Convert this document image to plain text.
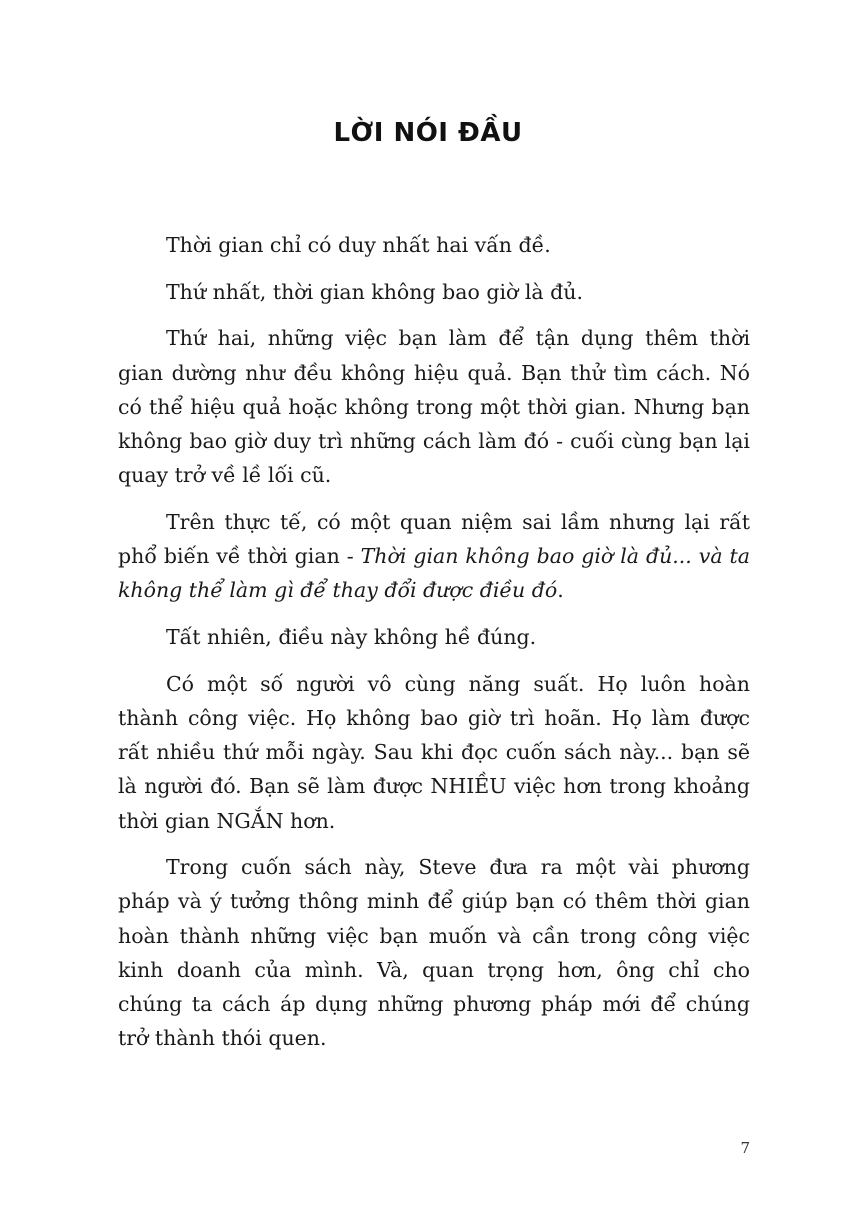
LỜI NÓI ĐẦU

Thời gian chỉ có duy nhất hai vấn đề.

Thứ nhất, thời gian không bao giờ là đủ.

Thứ hai, những việc bạn làm để tận dụng thêm thời gian dường như đều không hiệu quả. Bạn thử tìm cách. Nó có thể hiệu quả hoặc không trong một thời gian. Nhưng bạn không bao giờ duy trì những cách làm đó - cuối cùng bạn lại quay trở về lề lối cũ.

Trên thực tế, có một quan niệm sai lầm nhưng lại rất phổ biến về thời gian - Thời gian không bao giờ là đủ... và ta không thể làm gì để thay đổi được điều đó.

Tất nhiên, điều này không hề đúng.

Có một số người vô cùng năng suất. Họ luôn hoàn thành công việc. Họ không bao giờ trì hoãn. Họ làm được rất nhiều thứ mỗi ngày. Sau khi đọc cuốn sách này... bạn sẽ là người đó. Bạn sẽ làm được NHIỀU việc hơn trong khoảng thời gian NGẮN hơn.

Trong cuốn sách này, Steve đưa ra một vài phương pháp và ý tưởng thông minh để giúp bạn có thêm thời gian hoàn thành những việc bạn muốn và cần trong công việc kinh doanh của mình. Và, quan trọng hơn, ông chỉ cho chúng ta cách áp dụng những phương pháp mới để chúng trở thành thói quen.

7
